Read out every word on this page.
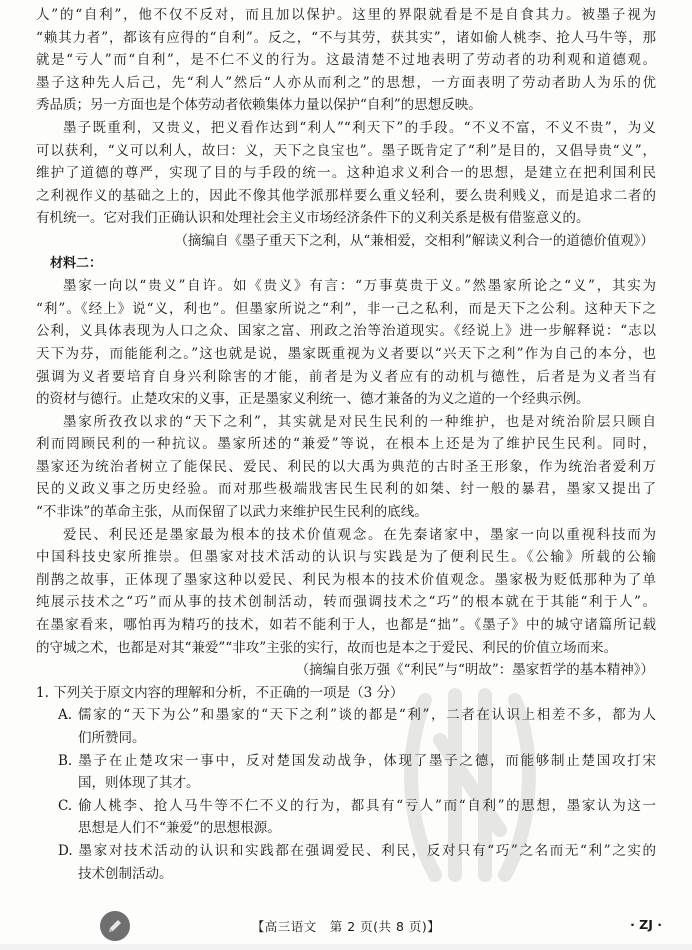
人”的“自利”，他不仅不反对，而且加以保护。这里的界限就看是不是自食其力。被墨子视为
“赖其力者”，都该有应得的“自利”。反之，“不与其劳，获其实”，诸如偷人桃李、抢人马牛等，那
就是“亏人”而“自利”，是不仁不义的行为。这最清楚不过地表明了劳动者的功利观和道德观。
墨子这种先人后己，先“利人”然后“人亦从而利之”的思想，一方面表明了劳动者助人为乐的优
秀品质；另一方面也是个体劳动者依赖集体力量以保护“自利”的思想反映。
墨子既重利，又贵义，把义看作达到“利人”“利天下”的手段。“不义不富，不义不贵”，为义
可以获利，“义可以利人，故曰：义，天下之良宝也”。墨子既肯定了“利”是目的，又倡导贵“义”，
维护了道德的尊严，实现了目的与手段的统一。这种追求义利合一的思想，是建立在把利国利民
之利视作义的基础之上的，因此不像其他学派那样要么重义轻利，要么贵利贱义，而是追求二者的
有机统一。它对我们正确认识和处理社会主义市场经济条件下的义利关系是极有借鉴意义的。
（摘编自《墨子重天下之利，从“兼相爱，交相利”解读义利合一的道德价值观》）
材料二：
墨家一向以“贵义”自许。如《贵义》有言：“万事莫贵于义。”然墨家所论之“义”，其实为
“利”。《经上》说“义，利也”。但墨家所说之“利”，非一己之私利，而是天下之公利。这种天下之
公利，义具体表现为人口之众、国家之富、刑政之治等治道现实。《经说上》进一步解释说：“志以
天下为芬，而能能利之。”这也就是说，墨家既重视为义者要以“兴天下之利”作为自己的本分，也
强调为义者要培育自身兴利除害的才能，前者是为义者应有的动机与德性，后者是为义者当有
的资材与德行。止楚攻宋的义事，正是墨家义利统一、德才兼备的为义之道的一个经典示例。
墨家所孜孜以求的“天下之利”，其实就是对民生民利的一种维护，也是对统治阶层只顾自
利而罔顾民利的一种抗议。墨家所述的“兼爱”等说，在根本上还是为了维护民生民利。同时，
墨家还为统治者树立了能保民、爱民、利民的以大禹为典范的古时圣王形象，作为统治者爱利万
民的义政义事之历史经验。而对那些极端戕害民生民利的如桀、纣一般的暴君，墨家又提出了
“不非诛”的革命主张，从而保留了以武力来维护民生民利的底线。
爱民、利民还是墨家最为根本的技术价值观念。在先秦诸家中，墨家一向以重视科技而为
中国科技史家所推崇。但墨家对技术活动的认识与实践是为了便利民生。《公输》所载的公输
削鹊之故事，正体现了墨家这种以爱民、利民为根本的技术价值观念。墨家极为贬低那种为了单
纯展示技术之“巧”而从事的技术创制活动，转而强调技术之“巧”的根本就在于其能“利于人”。
在墨家看来，哪怕再为精巧的技术，如若不能利于人，也都是“拙”。《墨子》中的城守诸篇所记载
的守城之术，也都是对其“兼爱”“非攻”主张的实行，故而也是本之于爱民、利民的价值立场而来。
（摘编自张万强《“利民”与“明故”：墨家哲学的基本精神》）
1. 下列关于原文内容的理解和分析，不正确的一项是（3 分）
A. 儒家的“天下为公”和墨家的“天下之利”谈的都是“利”，二者在认识上相差不多，都为人
们所赞同。
B. 墨子在止楚攻宋一事中，反对楚国发动战争，体现了墨子之德，而能够制止楚国攻打宋
国，则体现了其才。
C. 偷人桃李、抢人马牛等不仁不义的行为，都具有“亏人”而“自利”的思想，墨家认为这一
思想是人们不“兼爱”的思想根源。
D. 墨家对技术活动的认识和实践都在强调爱民、利民，反对只有“巧”之名而无“利”之实的
技术创制活动。
【高三语文　第 2 页(共 8 页)】	· ZJ ·
